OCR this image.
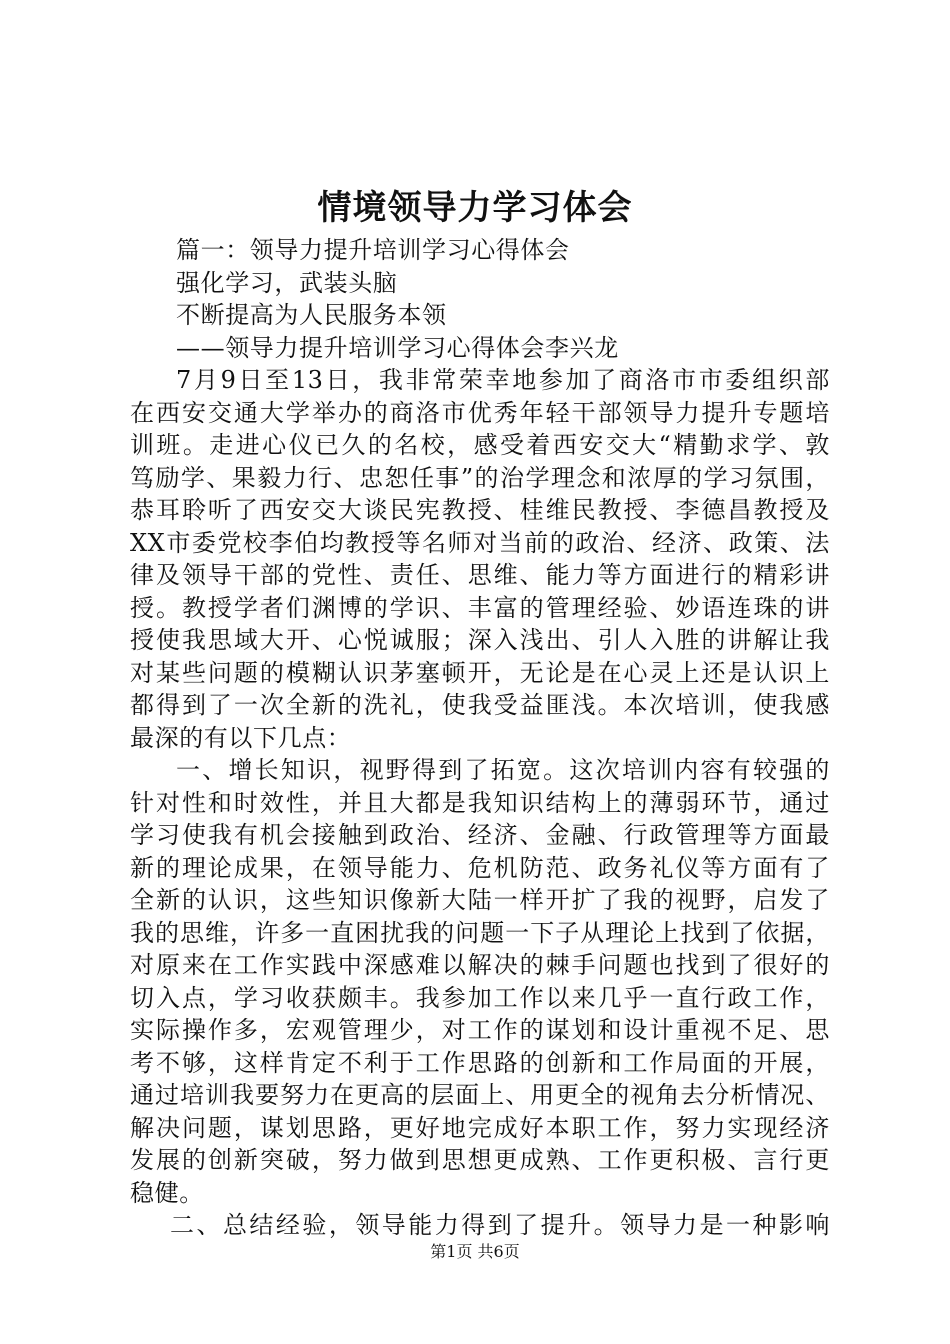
情境领导力学习体会
篇一：领导力提升培训学习心得体会
强化学习，武装头脑
不断提高为人民服务本领
——领导力提升培训学习心得体会李兴龙
7月9日至13日，我非常荣幸地参加了商洛市市委组织部
在西安交通大学举办的商洛市优秀年轻干部领导力提升专题培
训班。走进心仪已久的名校，感受着西安交大“精勤求学、敦
笃励学、果毅力行、忠恕任事”的治学理念和浓厚的学习氛围，
恭耳聆听了西安交大谈民宪教授、桂维民教授、李德昌教授及
XX市委党校李伯均教授等名师对当前的政治、经济、政策、法
律及领导干部的党性、责任、思维、能力等方面进行的精彩讲
授。教授学者们渊博的学识、丰富的管理经验、妙语连珠的讲
授使我思域大开、心悦诚服；深入浅出、引人入胜的讲解让我
对某些问题的模糊认识茅塞顿开，无论是在心灵上还是认识上
都得到了一次全新的洗礼，使我受益匪浅。本次培训，使我感
最深的有以下几点：
一、增长知识，视野得到了拓宽。这次培训内容有较强的
针对性和时效性，并且大都是我知识结构上的薄弱环节，通过
学习使我有机会接触到政治、经济、金融、行政管理等方面最
新的理论成果，在领导能力、危机防范、政务礼仪等方面有了
全新的认识，这些知识像新大陆一样开扩了我的视野，启发了
我的思维，许多一直困扰我的问题一下子从理论上找到了依据，
对原来在工作实践中深感难以解决的棘手问题也找到了很好的
切入点，学习收获颇丰。我参加工作以来几乎一直行政工作，
实际操作多，宏观管理少，对工作的谋划和设计重视不足、思
考不够，这样肯定不利于工作思路的创新和工作局面的开展，
通过培训我要努力在更高的层面上、用更全的视角去分析情况、
解决问题，谋划思路，更好地完成好本职工作，努力实现经济
发展的创新突破，努力做到思想更成熟、工作更积极、言行更
稳健。
二、总结经验，领导能力得到了提升。领导力是一种影响
第1页 共6页
